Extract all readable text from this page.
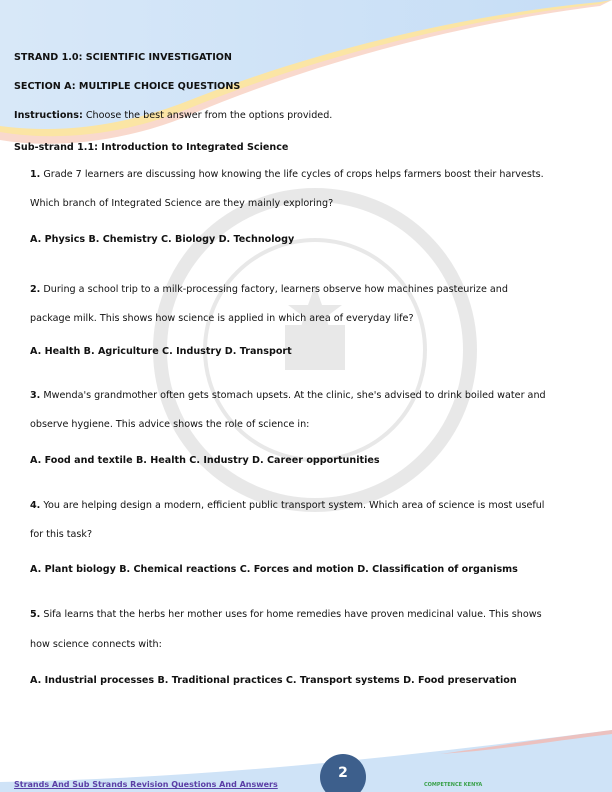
STRAND 1.0: SCIENTIFIC INVESTIGATION
SECTION A: MULTIPLE CHOICE QUESTIONS
Instructions: Choose the best answer from the options provided.
Sub-strand 1.1: Introduction to Integrated Science
1. Grade 7 learners are discussing how knowing the life cycles of crops helps farmers boost their harvests.
Which branch of Integrated Science are they mainly exploring?
A. Physics B. Chemistry C. Biology D. Technology
2. During a school trip to a milk-processing factory, learners observe how machines pasteurize and
package milk. This shows how science is applied in which area of everyday life?
A. Health B. Agriculture C. Industry D. Transport
3. Mwenda's grandmother often gets stomach upsets. At the clinic, she's advised to drink boiled water and
observe hygiene. This advice shows the role of science in:
A. Food and textile B. Health C. Industry D. Career opportunities
4. You are helping design a modern, efficient public transport system. Which area of science is most useful
for this task?
A. Plant biology B. Chemical reactions C. Forces and motion D. Classification of organisms
5. Sifa learns that the herbs her mother uses for home remedies have proven medicinal value. This shows
how science connects with:
A. Industrial processes B. Traditional practices C. Transport systems D. Food preservation
2
Strands And Sub Strands Revision Questions And Answers	COMPETENCE KENYA
